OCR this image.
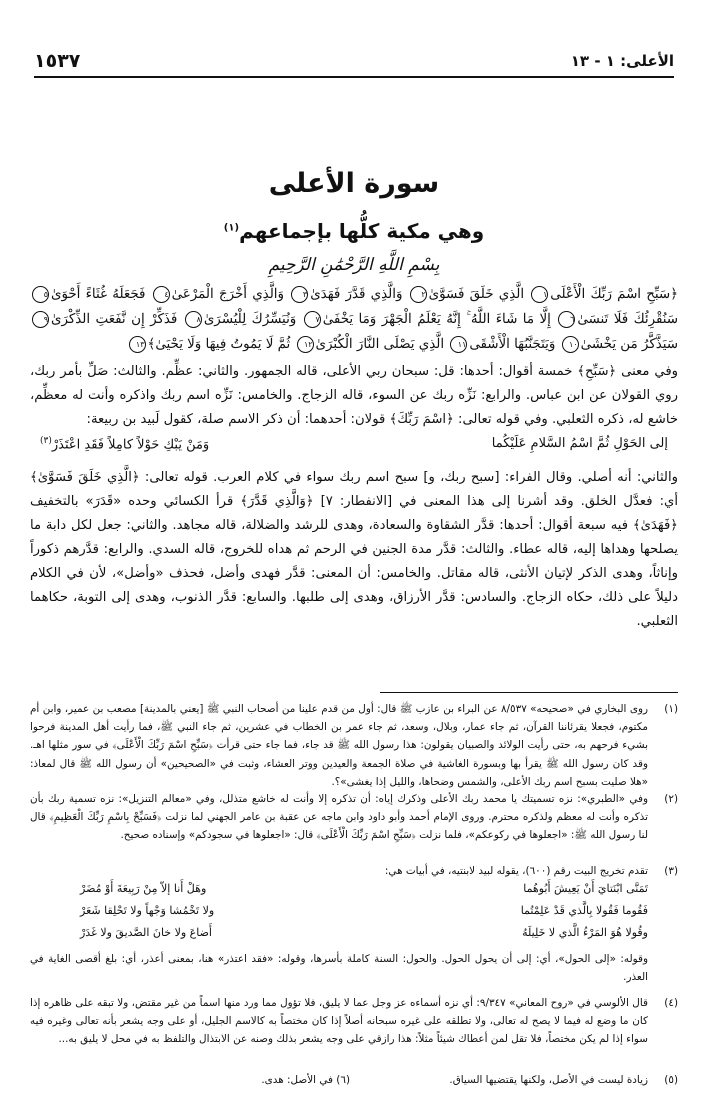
١٥٣٧	الأعلى: ١ - ١٣
سورة الأعلى
وهي مكية كلُّها بإجماعهم$^{(١)}$
بِسْمِ اللَّهِ الرَّحْمَٰنِ الرَّحِيمِ
﴿سَبِّحِ اسْمَ رَبِّكَ الْأَعْلَى١ الَّذِي خَلَقَ فَسَوَّىٰ٢ وَالَّذِي قَدَّرَ فَهَدَىٰ٣ وَالَّذِي أَخْرَجَ الْمَرْعَىٰ٤ فَجَعَلَهُ غُثَاءً أَحْوَىٰ٥ سَنُقْرِئُكَ فَلَا تَنسَىٰ٦ إِلَّا مَا شَاءَ اللَّهُ ۚ إِنَّهُ يَعْلَمُ الْجَهْرَ وَمَا يَخْفَىٰ٧ وَنُيَسِّرُكَ لِلْيُسْرَىٰ٨ فَذَكِّرْ إِن نَّفَعَتِ الذِّكْرَىٰ٩ سَيَذَّكَّرُ مَن يَخْشَىٰ١٠ وَيَتَجَنَّبُهَا الْأَشْقَى١١ الَّذِي يَصْلَى النَّارَ الْكُبْرَىٰ١٢ ثُمَّ لَا يَمُوتُ فِيهَا وَلَا يَحْيَىٰ﴾١٣
وفي معنى ﴿سَبِّحِ﴾ خمسة أقوال: أحدها: قل: سبحان ربي الأعلى، قاله الجمهور. والثاني: عظِّم. والثالث: صَلِّ بأمر ربك، روي القولان عن ابن عباس. والرابع: نَزِّه ربك عن السوء، قاله الزجاج. والخامس: نَزِّه اسم ربك واذكره وأنت له معظِّم، خاشع له، ذكره الثعلبي. وفي قوله تعالى: ﴿اسْمَ رَبِّكَ﴾ قولان: أحدهما: أن ذكر الاسم صلة، كقول لَبيد بن ربيعة:
إلى الحَوْلِ ثُمَّ اسْمُ السَّلامِ عَلَيْكُما
وَمَنْ يَبْكِ حَوْلاً كامِلاً فَقَدِ اعْتَذَرْ$^{(٣)}$
والثاني: أنه أصلي. وقال الفراء: [سبح ربك، و] سبح اسم ربك سواء في كلام العرب. قوله تعالى: ﴿الَّذِي خَلَقَ فَسَوَّىٰ﴾ أي: فعدَّل الخلق. وقد أشرنا إلى هذا المعنى في [الانفطار: ٧] ﴿وَالَّذِي قَدَّرَ﴾ قرأ الكسائي وحده «قَدَرَ» بالتخفيف ﴿فَهَدَىٰ﴾ فيه سبعة أقوال: أحدها: قدَّر الشقاوة والسعادة، وهدى للرشد والضلالة، قاله مجاهد. والثاني: جعل لكل دابة ما يصلحها وهداها إليه، قاله عطاء. والثالث: قدَّر مدة الجنين في الرحم ثم هداه للخروج، قاله السدي. والرابع: قدَّرهم ذكوراً وإناثاً، وهدى الذكر لإتيان الأنثى، قاله مقاتل. والخامس: أن المعنى: قدَّر فهدى وأضل، فحذف «وأضل»، لأن في الكلام دليلاً على ذلك، حكاه الزجاج. والسادس: قدَّر الأرزاق، وهدى إلى طلبها. والسابع: قدَّر الذنوب، وهدى إلى التوبة، حكاهما الثعلبي.
(١)
روى البخاري في «صحيحه» ٨/٥٣٧ عن البراء بن عازب ﷺ قال: أول من قدم علينا من أصحاب النبي ﷺ [يعني بالمدينة] مصعب بن عمير، وابن أم مكتوم، فجعلا يقرئاننا القرآن، ثم جاء عمار، وبلال، وسعد، ثم جاء عمر بن الخطاب في عشرين، ثم جاء النبي ﷺ، فما رأيت أهل المدينة فرحوا بشيء فرحهم به، حتى رأيت الولائد والصبيان يقولون: هذا رسول الله ﷺ قد جاء، فما جاء حتى قرأت ﴿سَبِّحِ اسْمَ رَبِّكَ الْأَعْلَى﴾ في سور مثلها اهـ. وقد كان رسول الله ﷺ يقرأ بها وبسورة الغاشية في صلاة الجمعة والعيدين ووتر العشاء، وثبت في «الصحيحين» أن رسول الله ﷺ قال لمعاذ: «هلا صليت بسبح اسم ربك الأعلى، والشمس وضحاها، والليل إذا يغشى»؟.
(٢)
وفي «الطبري»: نزه تسميتك يا محمد ربك الأعلى وذكرك إياه: أن تذكره إلا وأنت له خاشع متذلل، وفي «معالم التنزيل»: نزه تسمية ربك بأن تذكره وأنت له معظم ولذكره محترم. وروى الإمام أحمد وأبو داود وابن ماجه عن عقبة بن عامر الجهني لما نزلت ﴿فَسَبِّحْ بِاسْمِ رَبِّكَ الْعَظِيمِ﴾ قال لنا رسول الله ﷺ: «اجعلوها في ركوعكم»، فلما نزلت ﴿سَبِّحِ اسْمَ رَبِّكَ الْأَعْلَى﴾ قال: «اجعلوها في سجودكم» وإسناده صحيح.
(٣)
تقدم تخريج البيت رقم (٦٠٠)، يقوله لبيد لابنتيه، في أبيات هي:
تَمَنَّى ابْنَتايَ أَنْ يَعِيشَ أَبُوهُما
وهَلْ أَنا إلاّ مِنْ رَبِيعَةَ أَوْ مُضَرْ
فَقُوما فَقُولا بِالَّذي قَدْ عَلِمْتُما
ولا تَخْمُشا وَجْهاً ولا تَحْلِقا شَعَرْ
وقُولا هُوَ المَرْءُ الَّذي لا خَلِيلَهُ
أَضاعَ ولا خانَ الصَّديقَ ولا غَدَرْ
وقوله: «إلى الحول»، أي: إلى أن يحول الحول. والحول: السنة كاملة بأسرها، وقوله: «فقد اعتذر» هنا، بمعنى أعذر، أي: بلغ أقصى الغاية في العذر.
(٤)
قال الألوسي في «روح المعاني» ٩/٣٤٧: أي نزه أسماءه عز وجل عما لا يليق، فلا تؤول مما ورد منها اسماً من غير مقتض، ولا تبقه على ظاهره إذا كان ما وضع له فيما لا يصح له تعالى، ولا تطلقه على غيره سبحانه أصلاً إذا كان مختصاً به كالاسم الجليل، أو على وجه يشعر بأنه تعالى وغيره فيه سواء إذا لم يكن مختصاً، فلا تقل لمن أعطاك شيئاً مثلاً: هذا رازقي على وجه يشعر بذلك وصنه عن الابتذال والتلفظ به في محل لا يليق به...
(٥)
زيادة ليست في الأصل، ولكنها يقتضيها السياق.
(٦) في الأصل: هدى.
